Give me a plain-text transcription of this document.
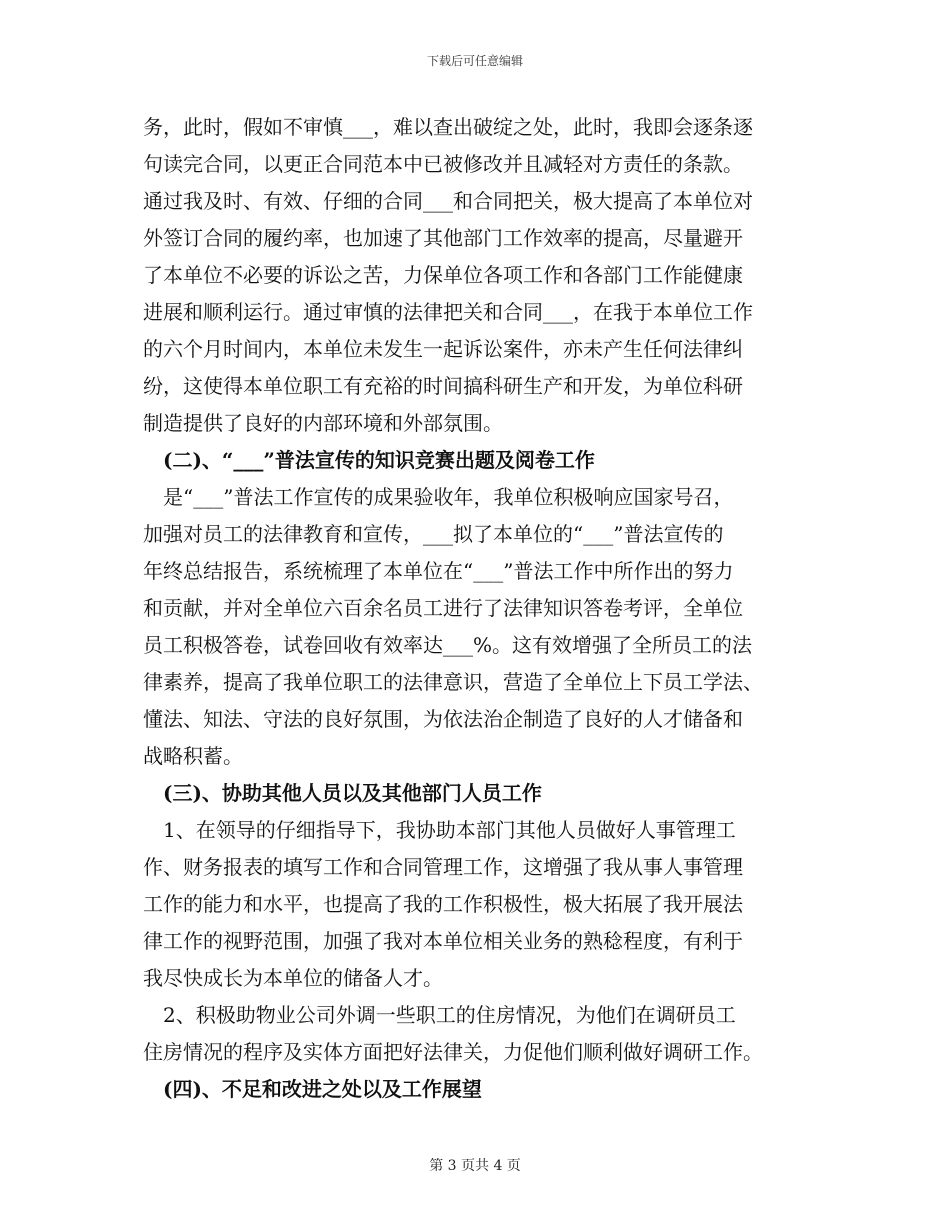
下载后可任意编辑
务，此时，假如不审慎___，难以查出破绽之处，此时，我即会逐条逐
句读完合同，以更正合同范本中已被修改并且减轻对方责任的条款。
通过我及时、有效、仔细的合同___和合同把关，极大提高了本单位对
外签订合同的履约率，也加速了其他部门工作效率的提高，尽量避开
了本单位不必要的诉讼之苦，力保单位各项工作和各部门工作能健康
进展和顺利运行。通过审慎的法律把关和合同___，在我于本单位工作
的六个月时间内，本单位未发生一起诉讼案件，亦未产生任何法律纠
纷，这使得本单位职工有充裕的时间搞科研生产和开发，为单位科研
制造提供了良好的内部环境和外部氛围。
　(二)、“___”普法宣传的知识竞赛出题及阅卷工作
　是“___”普法工作宣传的成果验收年，我单位积极响应国家号召，
加强对员工的法律教育和宣传，___拟了本单位的“___”普法宣传的
年终总结报告，系统梳理了本单位在“___”普法工作中所作出的努力
和贡献，并对全单位六百余名员工进行了法律知识答卷考评，全单位
员工积极答卷，试卷回收有效率达___%。这有效增强了全所员工的法
律素养，提高了我单位职工的法律意识，营造了全单位上下员工学法、
懂法、知法、守法的良好氛围，为依法治企制造了良好的人才储备和
战略积蓄。
　(三)、协助其他人员以及其他部门人员工作
　1、在领导的仔细指导下，我协助本部门其他人员做好人事管理工
作、财务报表的填写工作和合同管理工作，这增强了我从事人事管理
工作的能力和水平，也提高了我的工作积极性，极大拓展了我开展法
律工作的视野范围，加强了我对本单位相关业务的熟稔程度，有利于
我尽快成长为本单位的储备人才。
　2、积极助物业公司外调一些职工的住房情况，为他们在调研员工
住房情况的程序及实体方面把好法律关，力促他们顺利做好调研工作。
　(四)、不足和改进之处以及工作展望
第 3 页共 4 页
